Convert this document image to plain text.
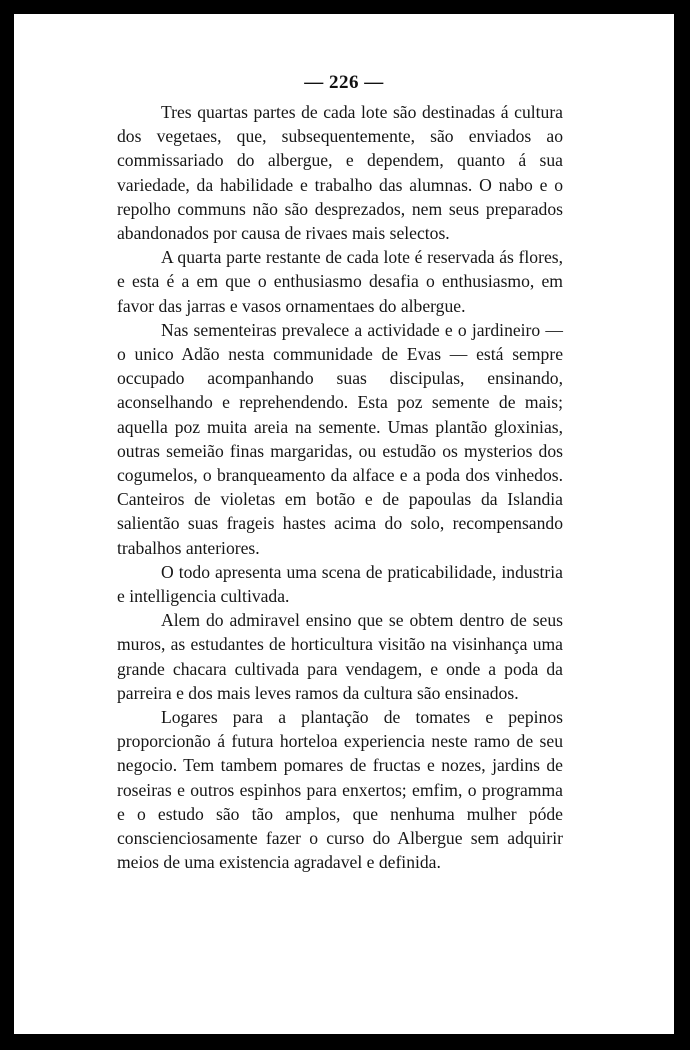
— 226 —

Tres quartas partes de cada lote são destinadas á cultura dos vegetaes, que, subsequentemente, são enviados ao commissariado do albergue, e dependem, quanto á sua variedade, da habilidade e trabalho das alumnas. O nabo e o repolho communs não são desprezados, nem seus preparados abandonados por causa de rivaes mais selectos.

A quarta parte restante de cada lote é reservada ás flores, e esta é a em que o enthusiasmo desafia o enthusiasmo, em favor das jarras e vasos ornamentaes do albergue.

Nas sementeiras prevalece a actividade e o jardineiro — o unico Adão nesta communidade de Evas — está sempre occupado acompanhando suas discipulas, ensinando, aconselhando e reprehendendo. Esta poz semente de mais; aquella poz muita areia na semente. Umas plantão gloxinias, outras semeião finas margaridas, ou estudão os mysterios dos cogumelos, o branqueamento da alface e a poda dos vinhedos. Canteiros de violetas em botão e de papoulas da Islandia salientão suas frageis hastes acima do solo, recompensando trabalhos anteriores.

O todo apresenta uma scena de praticabilidade, industria e intelligencia cultivada.

Alem do admiravel ensino que se obtem dentro de seus muros, as estudantes de horticultura visitão na visinhança uma grande chacara cultivada para vendagem, e onde a poda da parreira e dos mais leves ramos da cultura são ensinados.

Logares para a plantação de tomates e pepinos proporcionão á futura horteloa experiencia neste ramo de seu negocio. Tem tambem pomares de fructas e nozes, jardins de roseiras e outros espinhos para enxertos; emfim, o programma e o estudo são tão amplos, que nenhuma mulher póde conscienciosamente fazer o curso do Albergue sem adquirir meios de uma existencia agradavel e definida.
